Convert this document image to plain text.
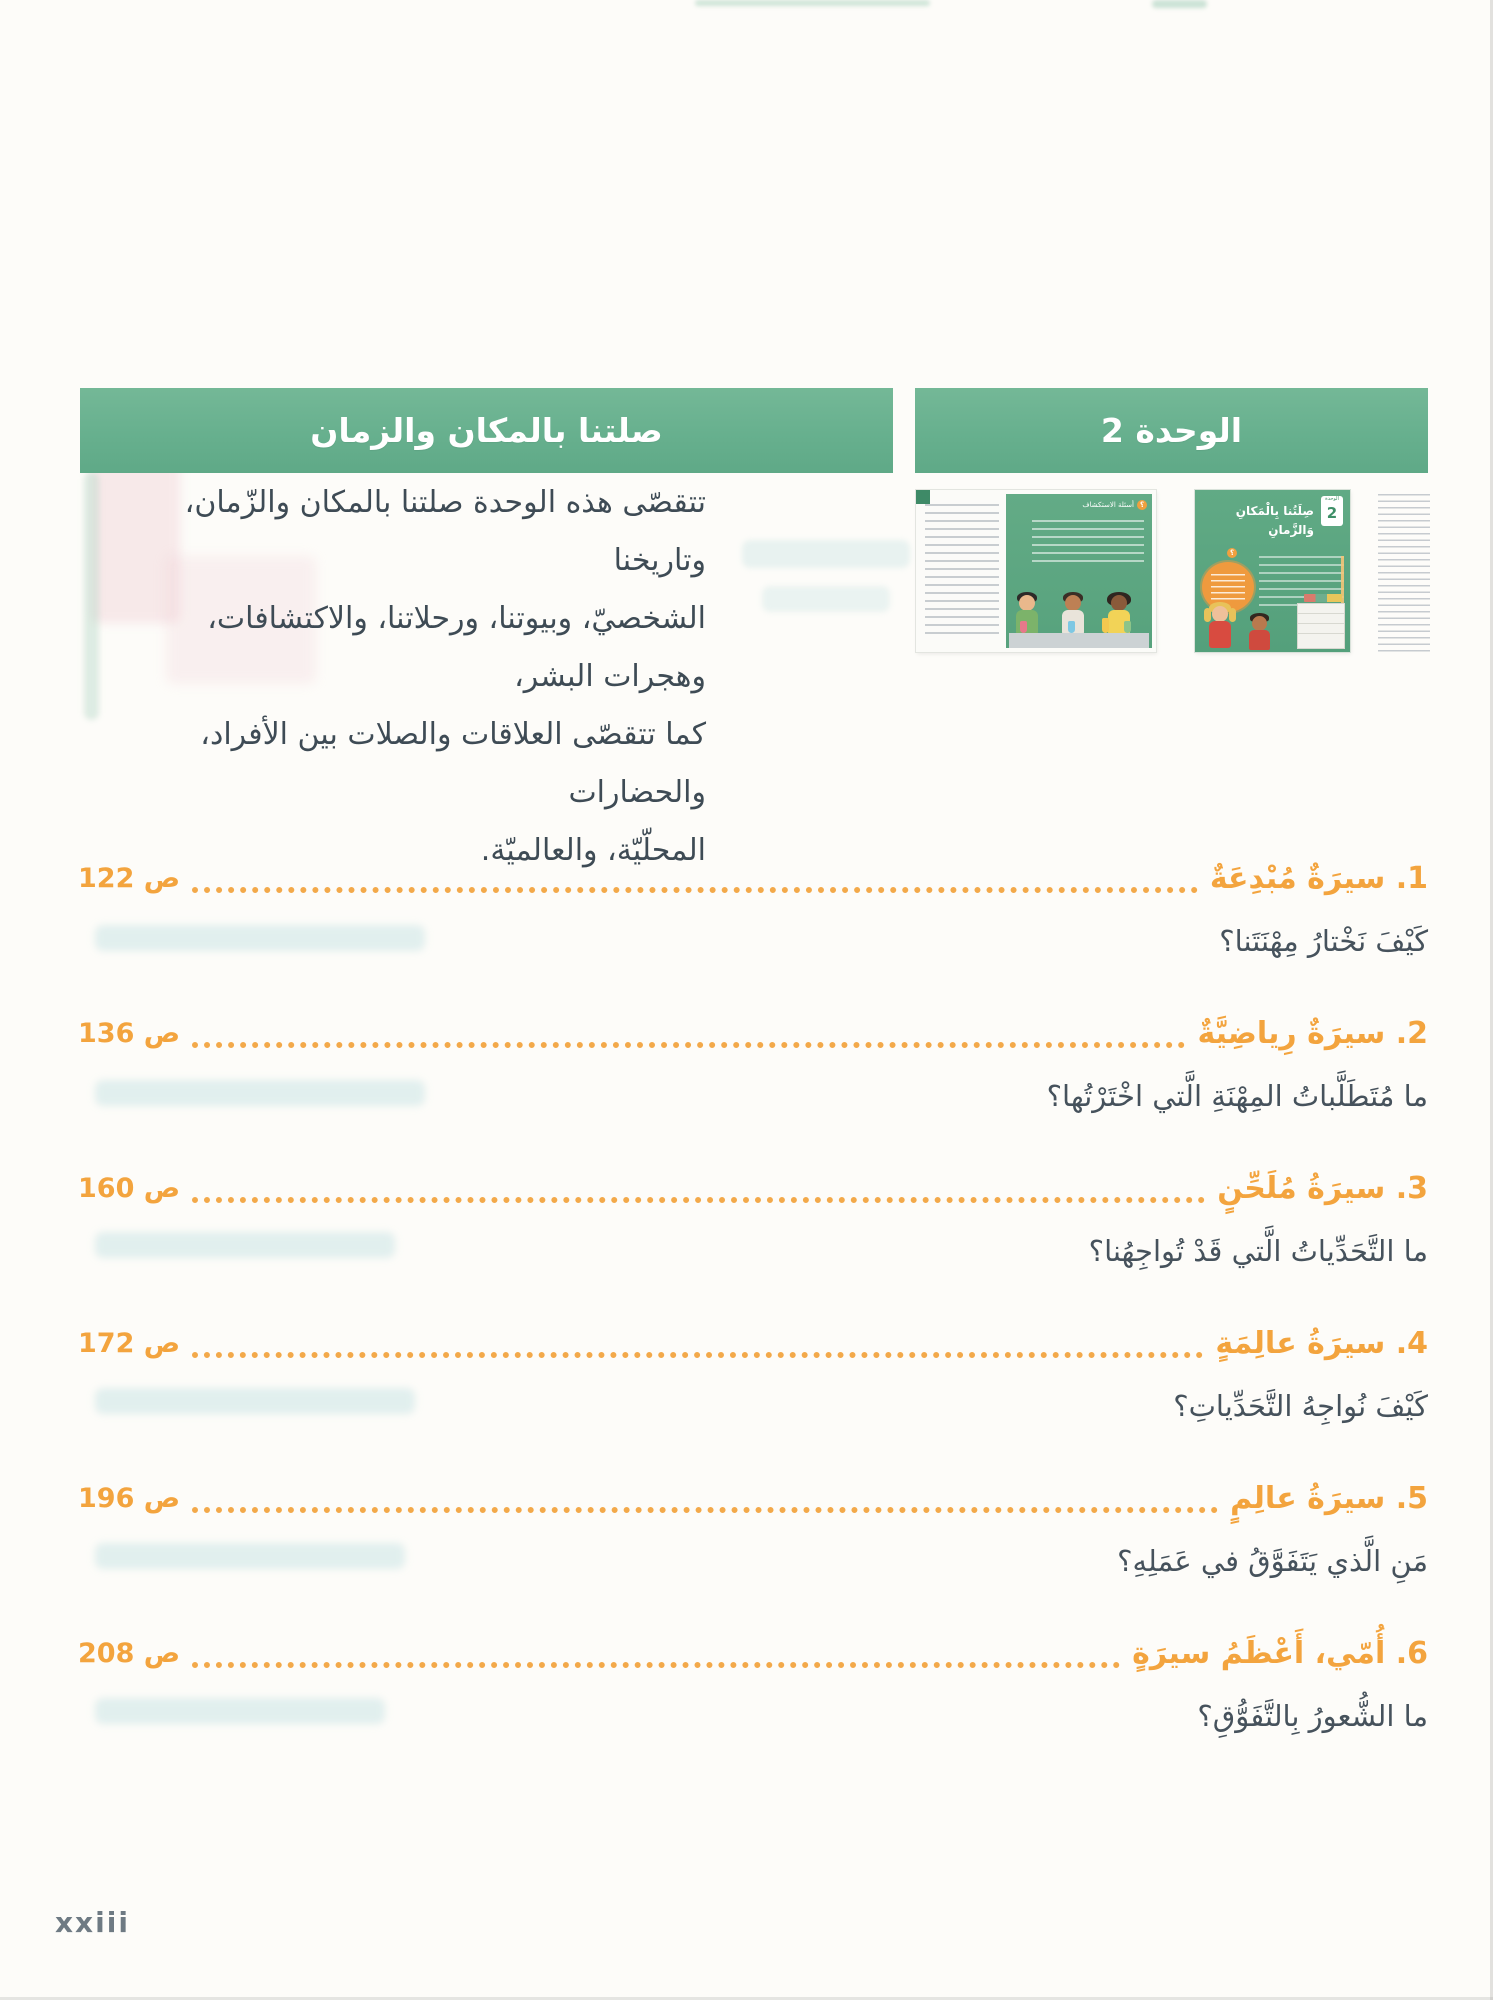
صلتنا بالمكان والزمان	الوحدة 2
تتقصّى هذه الوحدة صلتنا بالمكان والزّمان، وتاريخنا
الشخصيّ، وبيوتنا، ورحلاتنا، والاكتشافات، وهجرات البشر،
كما تتقصّى العلاقات والصلات بين الأفراد، والحضارات
المحلّيّة، والعالميّة.
؟
أسئلة الاستكشاف
الوحدة
2
صِلَتُنا بِالْمَكانِ
وَالزَّمانِ
؟
1. سيرَةٌ مُبْدِعَةٌ
ص 122
كَيْفَ نَخْتارُ مِهْنَتَنا؟
2. سيرَةٌ رِياضِيَّةٌ
ص 136
ما مُتَطَلَّباتُ المِهْنَةِ الَّتي اخْتَرْتُها؟
3. سيرَةُ مُلَحِّنٍ
ص 160
ما التَّحَدِّياتُ الَّتي قَدْ تُواجِهُنا؟
4. سيرَةُ عالِمَةٍ
ص 172
كَيْفَ نُواجِهُ التَّحَدِّياتِ؟
5. سيرَةُ عالِمٍ
ص 196
مَنِ الَّذي يَتَفَوَّقُ في عَمَلِهِ؟
6. أُمّي، أَعْظَمُ سيرَةٍ
ص 208
ما الشُّعورُ بِالتَّفَوُّقِ؟
xxiii
